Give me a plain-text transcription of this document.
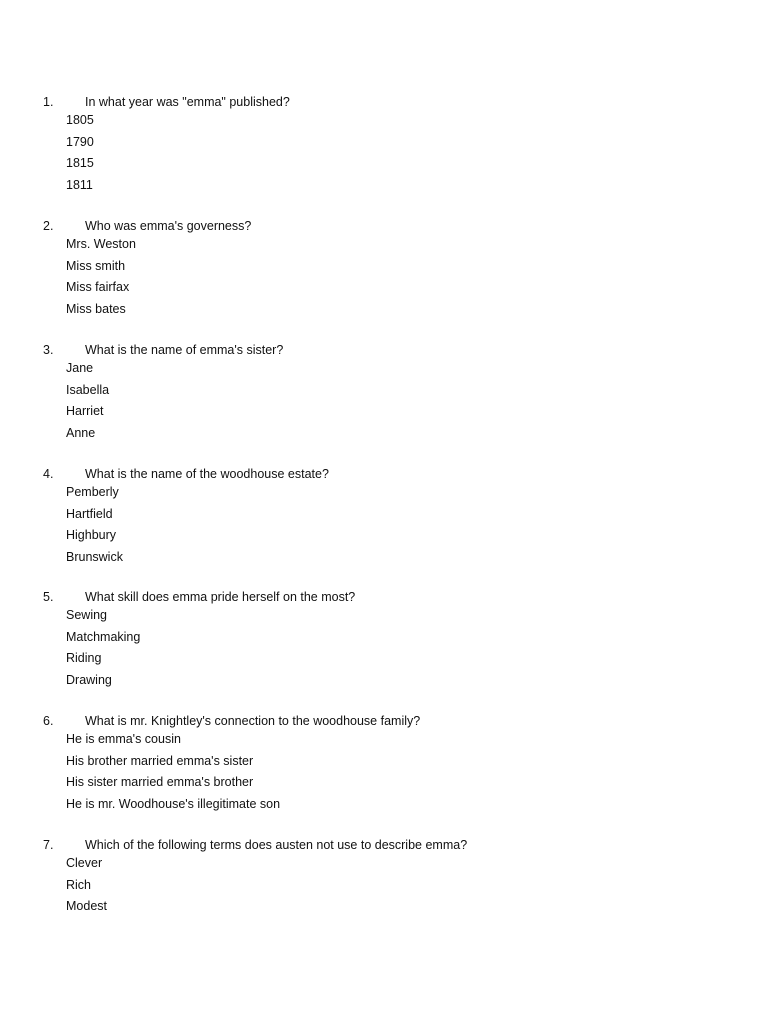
1.	In what year was "emma" published?
1805
1790
1815
1811
2.	Who was emma's governess?
Mrs. Weston
Miss smith
Miss fairfax
Miss bates
3.	What is the name of emma's sister?
Jane
Isabella
Harriet
Anne
4.	What is the name of the woodhouse estate?
Pemberly
Hartfield
Highbury
Brunswick
5.	What skill does emma pride herself on the most?
Sewing
Matchmaking
Riding
Drawing
6.	What is mr. Knightley's connection to the woodhouse family?
He is emma's cousin
His brother married emma's sister
His sister married emma's brother
He is mr. Woodhouse's illegitimate son
7.	Which of the following terms does austen not use to describe emma?
Clever
Rich
Modest
